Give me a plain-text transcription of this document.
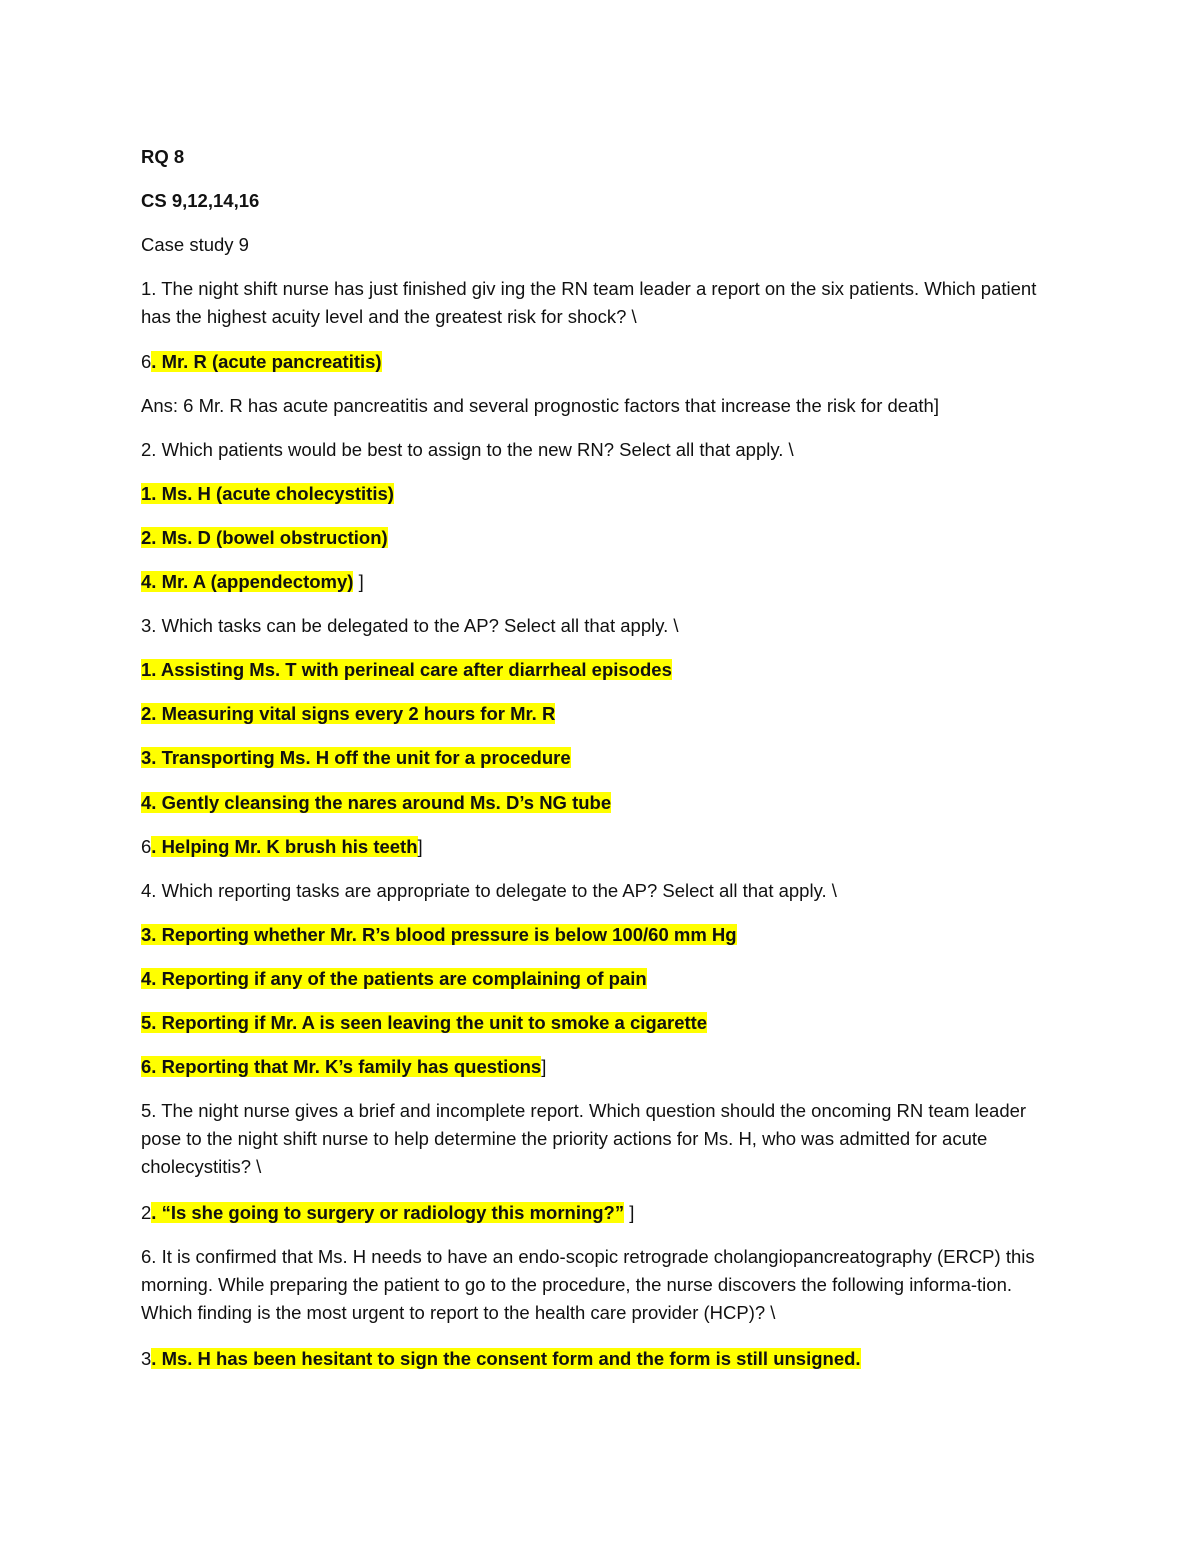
RQ 8
CS 9,12,14,16
Case study 9
1. The night shift nurse has just finished giv ing the RN team leader a report on the six patients. Which patient has the highest acuity level and the greatest risk for shock? \
6. Mr. R (acute pancreatitis)
Ans: 6 Mr. R has acute pancreatitis and several prognostic factors that increase the risk for death]
2. Which patients would be best to assign to the new RN? Select all that apply. \
1. Ms. H (acute cholecystitis)
2. Ms. D (bowel obstruction)
4. Mr. A (appendectomy) ]
3. Which tasks can be delegated to the AP? Select all that apply. \
1. Assisting Ms. T with perineal care after diarrheal episodes
2. Measuring vital signs every 2 hours for Mr. R
3. Transporting Ms. H off the unit for a procedure
4. Gently cleansing the nares around Ms. D’s NG tube
6. Helping Mr. K brush his teeth]
4. Which reporting tasks are appropriate to delegate to the AP? Select all that apply. \
3. Reporting whether Mr. R’s blood pressure is below 100/60 mm Hg
4. Reporting if any of the patients are complaining of pain
5. Reporting if Mr. A is seen leaving the unit to smoke a cigarette
6. Reporting that Mr. K’s family has questions]
5. The night nurse gives a brief and incomplete report. Which question should the oncoming RN team leader pose to the night shift nurse to help determine the priority actions for Ms. H, who was admitted for acute cholecystitis? \
2. “Is she going to surgery or radiology this morning?” ]
6. It is confirmed that Ms. H needs to have an endo-scopic retrograde cholangiopancreatography (ERCP) this morning. While preparing the patient to go to the procedure, the nurse discovers the following informa-tion. Which finding is the most urgent to report to the health care provider (HCP)? \
3. Ms. H has been hesitant to sign the consent form and the form is still unsigned.
